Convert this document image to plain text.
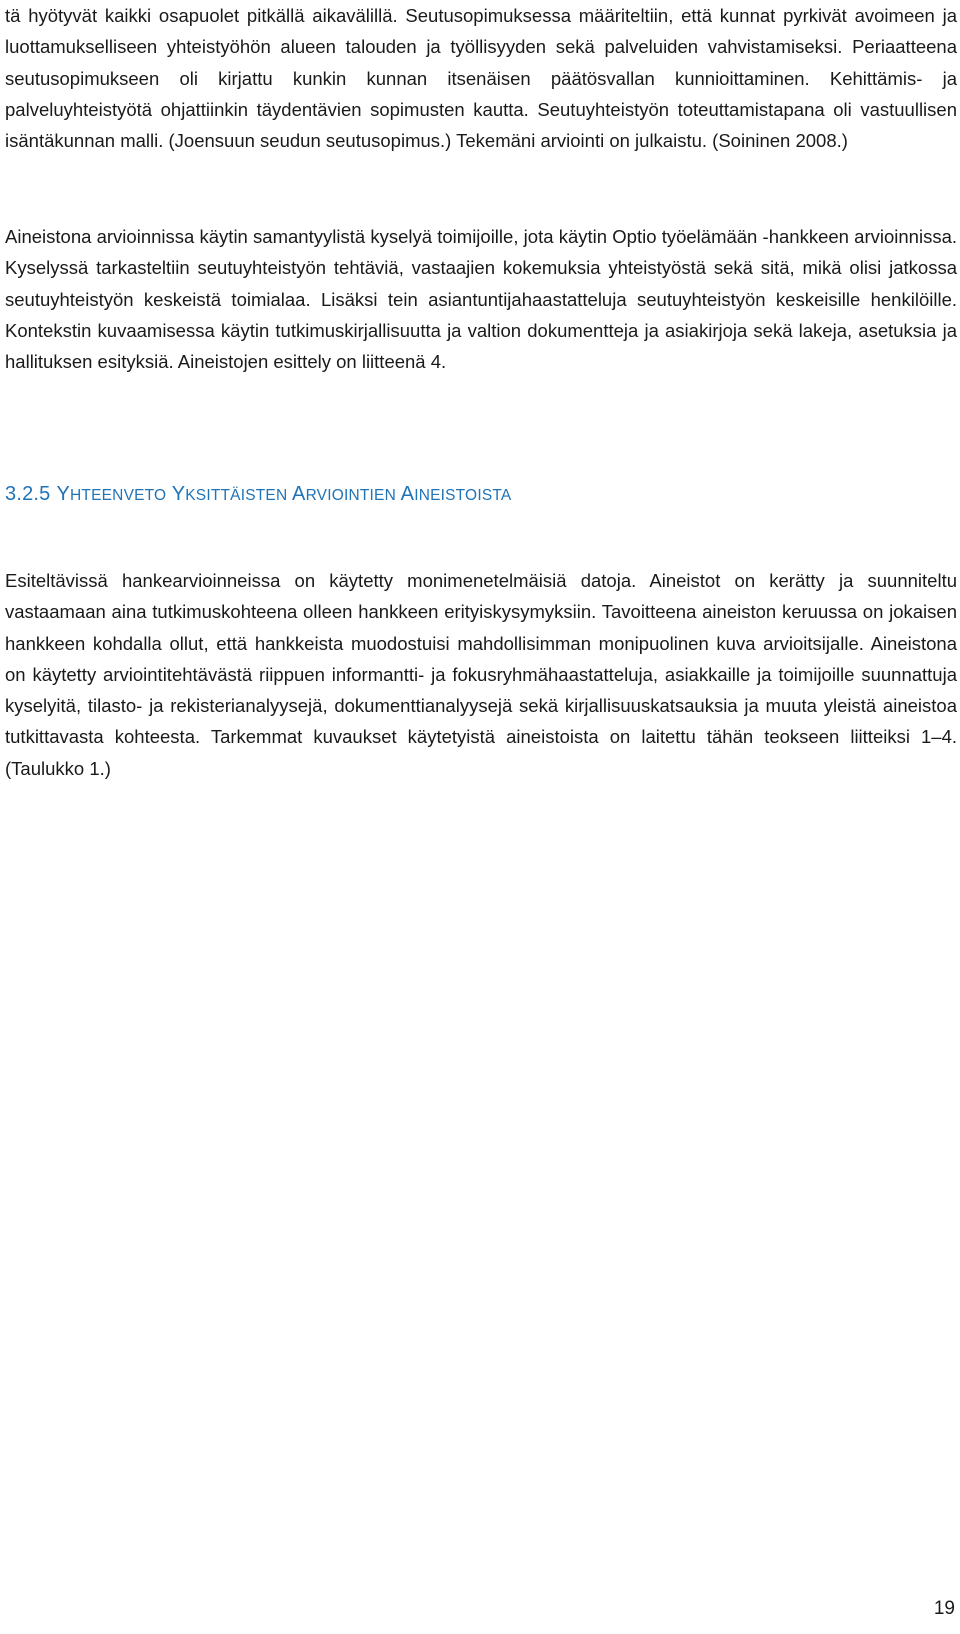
tä hyötyvät kaikki osapuolet pitkällä aikavälillä. Seutusopimuksessa määriteltiin, että kunnat pyrkivät avoimeen ja luottamukselliseen yhteistyöhön alueen talouden ja työllisyyden sekä palveluiden vahvistamiseksi. Periaatteena seutusopimukseen oli kirjattu kunkin kunnan itsenäisen päätösvallan kunnioittaminen. Kehittämis- ja palveluyhteistyötä ohjattiinkin täydentävien sopimusten kautta. Seutuyhteistyön toteuttamistapana oli vastuullisen isäntäkunnan malli. (Joensuun seudun seutusopimus.) Tekemäni arviointi on julkaistu. (Soininen 2008.)

Aineistona arvioinnissa käytin samantyylistä kyselyä toimijoille, jota käytin Optio työelämään -hankkeen arvioinnissa. Kyselyssä tarkasteltiin seutuyhteistyön tehtäviä, vastaajien kokemuksia yhteistyöstä sekä sitä, mikä olisi jatkossa seutuyhteistyön keskeistä toimialaa. Lisäksi tein asiantuntijahaastatteluja seutuyhteistyön keskeisille henkilöille. Kontekstin kuvaamisessa käytin tutkimuskirjallisuutta ja valtion dokumentteja ja asiakirjoja sekä lakeja, asetuksia ja hallituksen esityksiä. Aineistojen esittely on liitteenä 4.

3.2.5 YHTEENVETO YKSITTÄISTEN ARVIOINTIEN AINEISTOISTA

Esiteltävissä hankearvioinneissa on käytetty monimenetelmäisiä datoja. Aineistot on kerätty ja suunniteltu vastaamaan aina tutkimuskohteena olleen hankkeen erityiskysymyksiin. Tavoitteena aineiston keruussa on jokaisen hankkeen kohdalla ollut, että hankkeista muodostuisi mahdollisimman monipuolinen kuva arvioitsijalle. Aineistona on käytetty arviointitehtävästä riippuen informantti- ja fokusryhmähaastatteluja, asiakkaille ja toimijoille suunnattuja kyselyitä, tilasto- ja rekisterianalyysejä, dokumenttianalyysejä sekä kirjallisuuskatsauksia ja muuta yleistä aineistoa tutkittavasta kohteesta. Tarkemmat kuvaukset käytetyistä aineistoista on laitettu tähän teokseen liitteiksi 1–4. (Taulukko 1.)

19
